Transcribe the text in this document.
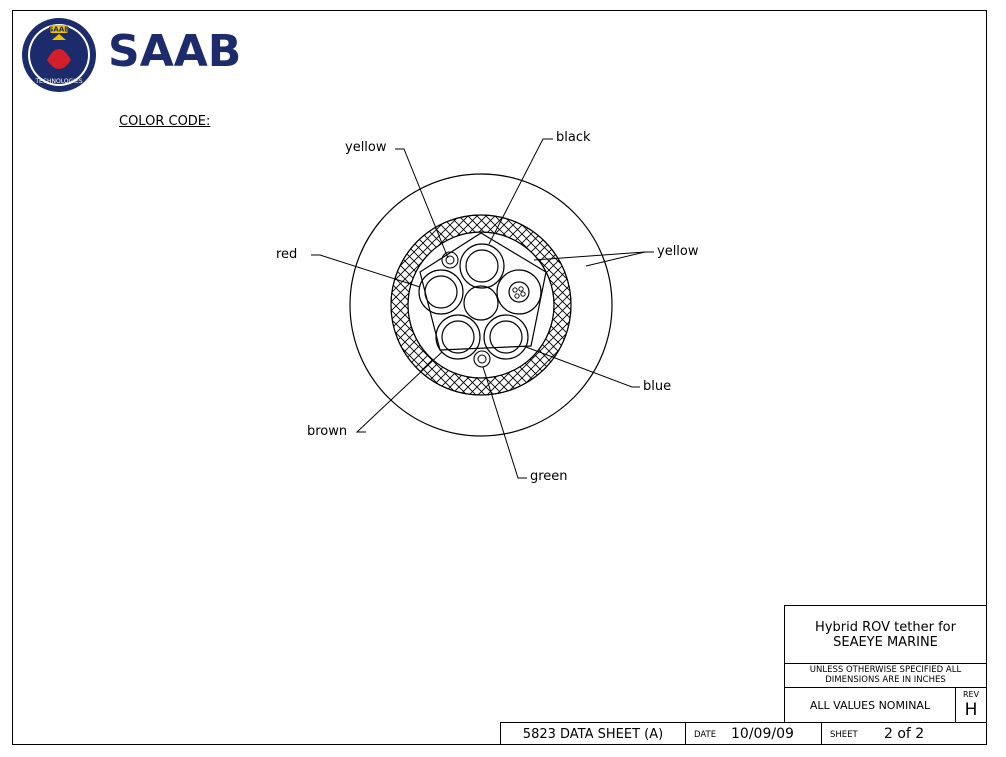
SAAB
TECHNOLOGIES
SAAB
COLOR CODE:
yellow
black
red	yellow
blue
brown
green
Hybrid ROV tether for
SEAEYE MARINE
UNLESS OTHERWISE SPECIFIED ALL
DIMENSIONS ARE IN INCHES
ALL VALUES NOMINAL
REV
H
5823 DATA SHEET (A)	DATE 10/09/09	SHEET 2 of 2
